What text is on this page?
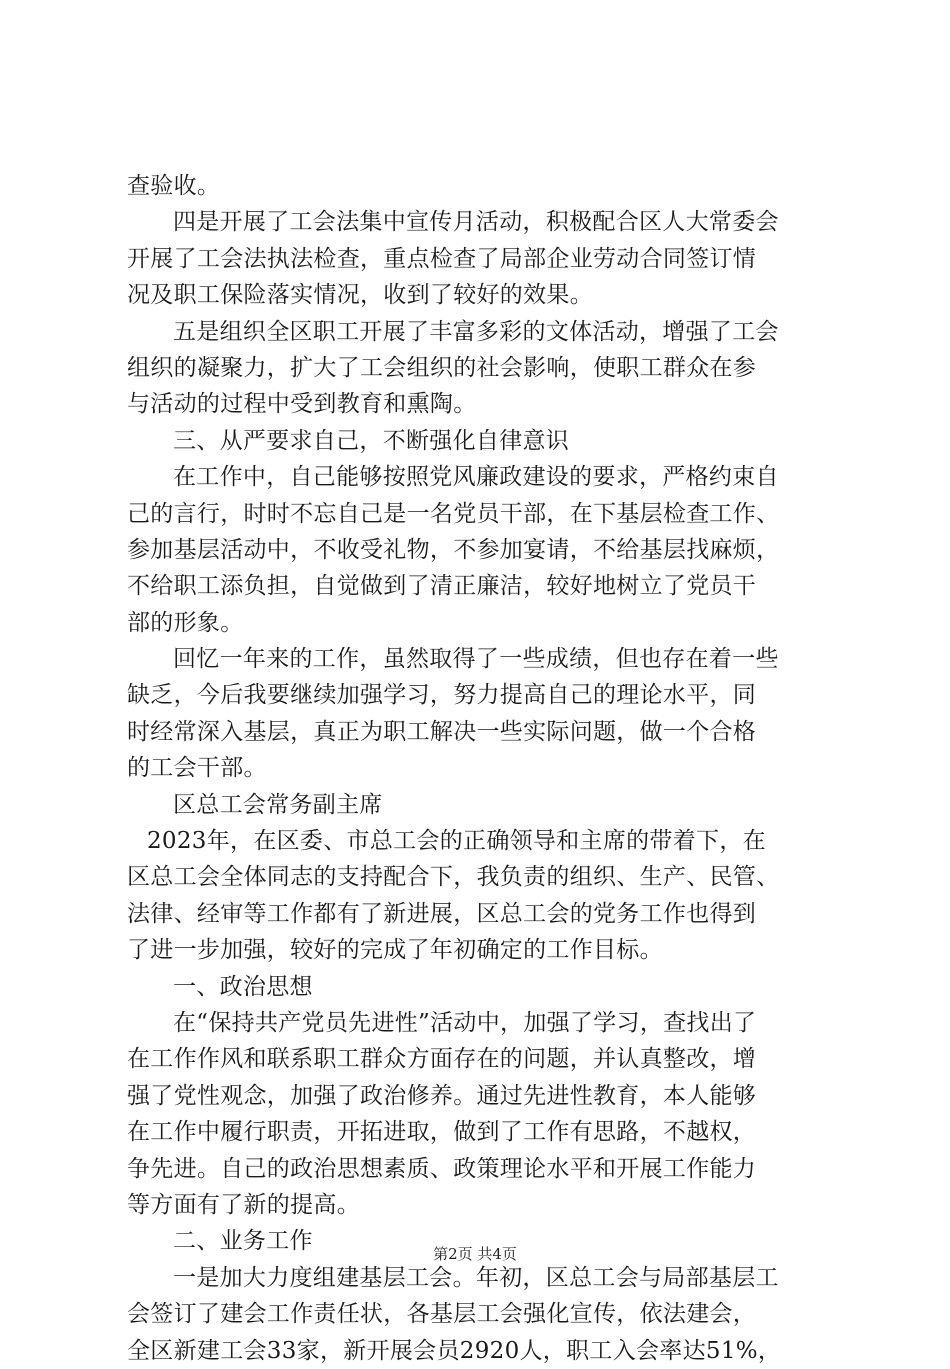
查验收。
四是开展了工会法集中宣传月活动，积极配合区人大常委会
开展了工会法执法检查，重点检查了局部企业劳动合同签订情
况及职工保险落实情况，收到了较好的效果。
五是组织全区职工开展了丰富多彩的文体活动，增强了工会
组织的凝聚力，扩大了工会组织的社会影响，使职工群众在参
与活动的过程中受到教育和熏陶。
三、从严要求自己，不断强化自律意识
在工作中，自己能够按照党风廉政建设的要求，严格约束自
己的言行，时时不忘自己是一名党员干部，在下基层检查工作、
参加基层活动中，不收受礼物，不参加宴请，不给基层找麻烦，
不给职工添负担，自觉做到了清正廉洁，较好地树立了党员干
部的形象。
回忆一年来的工作，虽然取得了一些成绩，但也存在着一些
缺乏，今后我要继续加强学习，努力提高自己的理论水平，同
时经常深入基层，真正为职工解决一些实际问题，做一个合格
的工会干部。
区总工会常务副主席
2023年，在区委、市总工会的正确领导和主席的带着下，在
区总工会全体同志的支持配合下，我负责的组织、生产、民管、
法律、经审等工作都有了新进展，区总工会的党务工作也得到
了进一步加强，较好的完成了年初确定的工作目标。
一、政治思想
在“保持共产党员先进性”活动中，加强了学习，查找出了
在工作作风和联系职工群众方面存在的问题，并认真整改，增
强了党性观念，加强了政治修养。通过先进性教育，本人能够
在工作中履行职责，开拓进取，做到了工作有思路，不越权，
争先进。自己的政治思想素质、政策理论水平和开展工作能力
等方面有了新的提高。
二、业务工作
一是加大力度组建基层工会。年初，区总工会与局部基层工
会签订了建会工作责任状，各基层工会强化宣传，依法建会，
全区新建工会33家，新开展会员2920人，职工入会率达51%，
第2页 共4页
